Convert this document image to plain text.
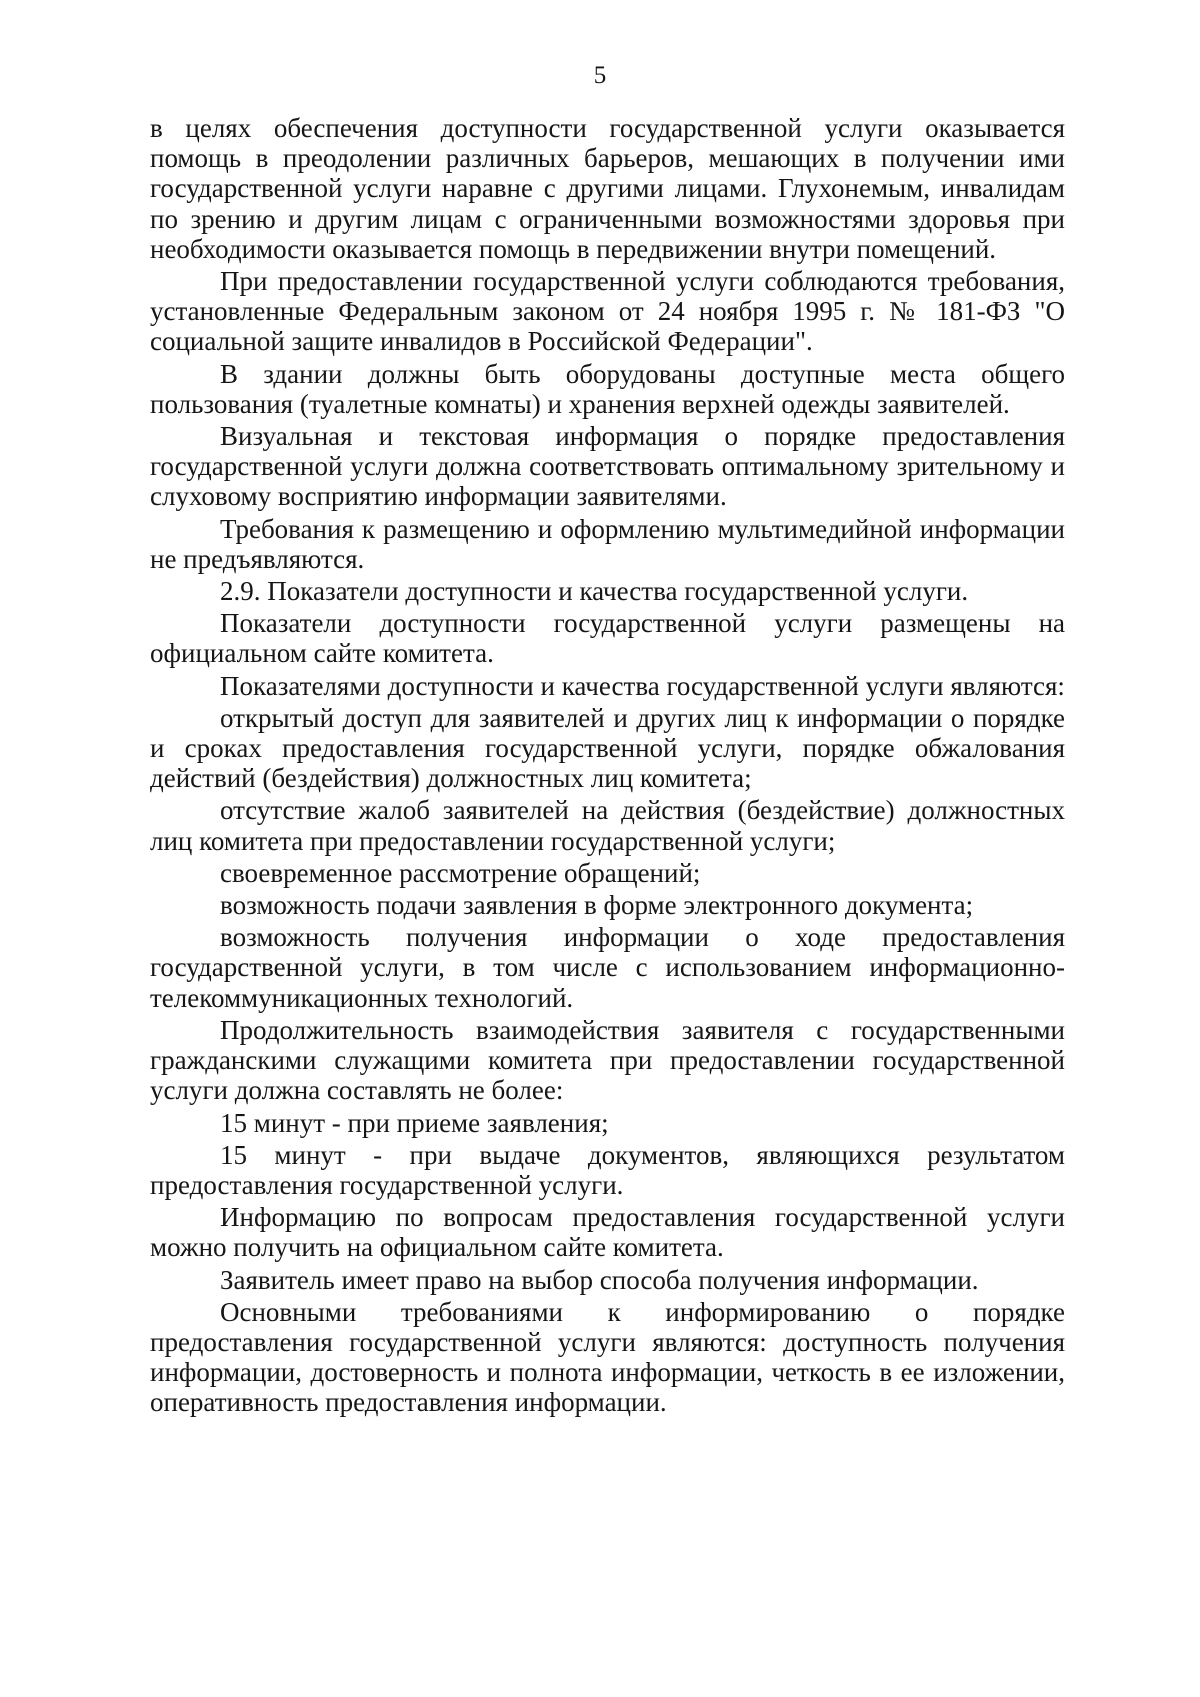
5

в целях обеспечения доступности государственной услуги оказывается помощь в преодолении различных барьеров, мешающих в получении ими государственной услуги наравне с другими лицами. Глухонемым, инвалидам по зрению и другим лицам с ограниченными возможностями здоровья при необходимости оказывается помощь в передвижении внутри помещений.

При предоставлении государственной услуги соблюдаются требования, установленные Федеральным законом от 24 ноября 1995 г. № 181-ФЗ "О социальной защите инвалидов в Российской Федерации".

В здании должны быть оборудованы доступные места общего пользования (туалетные комнаты) и хранения верхней одежды заявителей.

Визуальная и текстовая информация о порядке предоставления государственной услуги должна соответствовать оптимальному зрительному и слуховому восприятию информации заявителями.

Требования к размещению и оформлению мультимедийной информации не предъявляются.

2.9. Показатели доступности и качества государственной услуги.

Показатели доступности государственной услуги размещены на официальном сайте комитета.

Показателями доступности и качества государственной услуги являются:

открытый доступ для заявителей и других лиц к информации о порядке и сроках предоставления государственной услуги, порядке обжалования действий (бездействия) должностных лиц комитета;

отсутствие жалоб заявителей на действия (бездействие) должностных лиц комитета при предоставлении государственной услуги;

своевременное рассмотрение обращений;

возможность подачи заявления в форме электронного документа;

возможность получения информации о ходе предоставления государственной услуги, в том числе с использованием информационно-телекоммуникационных технологий.

Продолжительность взаимодействия заявителя с государственными гражданскими служащими комитета при предоставлении государственной услуги должна составлять не более:

15 минут - при приеме заявления;

15 минут - при выдаче документов, являющихся результатом предоставления государственной услуги.

Информацию по вопросам предоставления государственной услуги можно получить на официальном сайте комитета.

Заявитель имеет право на выбор способа получения информации.

Основными требованиями к информированию о порядке предоставления государственной услуги являются: доступность получения информации, достоверность и полнота информации, четкость в ее изложении, оперативность предоставления информации.
